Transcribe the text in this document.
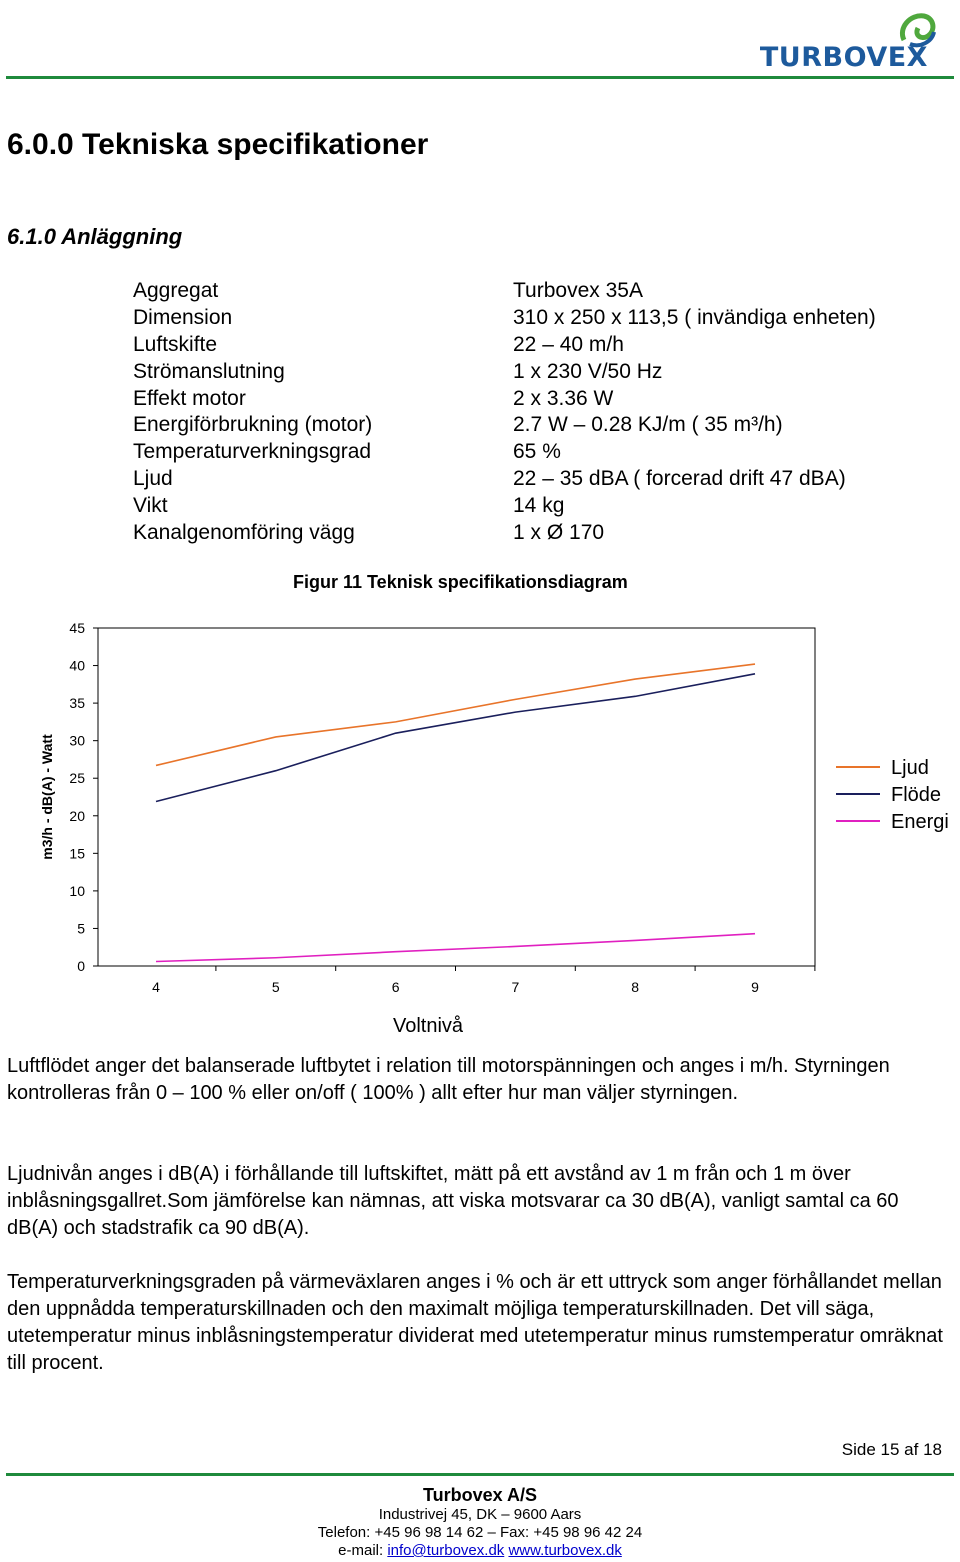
TURBOVEX
6.0.0 Tekniska specifikationer
6.1.0 Anläggning
Aggregat	Turbovex 35A
Dimension	310 x 250 x 113,5 ( invändiga enheten)
Luftskifte	22 – 40 m/h
Strömanslutning	1 x 230 V/50 Hz
Effekt motor	2 x 3.36 W
Energiförbrukning (motor)	2.7 W – 0.28 KJ/m ( 35 m³/h)
Temperaturverkningsgrad	65 %
Ljud	22 – 35 dBA ( forcerad drift 47 dBA)
Vikt	14 kg
Kanalgenomföring vägg	1 x Ø 170
Figur 11 Teknisk specifikationsdiagram
0
5
10
15
20
25
30
35
40
45
4	5	6	7	8	9
Voltnivå
m3/h - dB(A) - Watt	Ljud
Flöde
Energi
Luftflödet anger det balanserade luftbytet i relation till motorspänningen och anges i m/h. Styrningen kontrolleras från 0 – 100 % eller on/off ( 100% ) allt efter hur man väljer styrningen.
Ljudnivån anges i dB(A) i förhållande till luftskiftet, mätt på ett avstånd av 1 m från och 1 m över inblåsningsgallret.Som jämförelse kan nämnas, att viska motsvarar ca 30 dB(A), vanligt samtal ca 60 dB(A) och stadstrafik ca 90 dB(A).
Temperaturverkningsgraden på värmeväxlaren anges i % och är ett uttryck som anger förhållandet mellan den uppnådda temperaturskillnaden och den maximalt möjliga temperaturskillnaden. Det vill säga, utetemperatur minus inblåsningstemperatur dividerat med utetemperatur minus rumstemperatur omräknat till procent.
Side 15 af 18
Turbovex A/S
Industrivej 45, DK – 9600 Aars
Telefon: +45 96 98 14 62 – Fax: +45 98 96 42 24
e-mail: info@turbovex.dk www.turbovex.dk
